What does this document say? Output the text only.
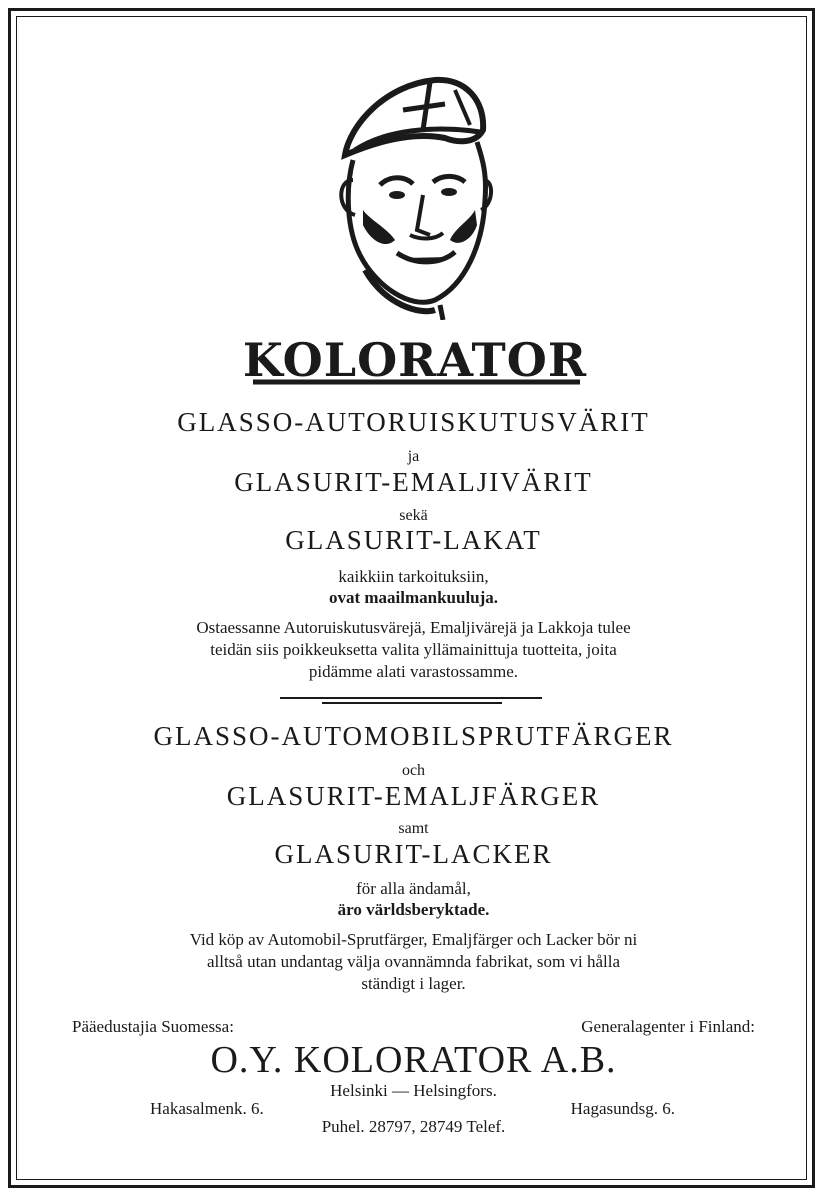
KOLORATOR
GLASSO-AUTORUISKUTUSVÄRIT
ja
GLASURIT-EMALJIVÄRIT
sekä
GLASURIT-LAKAT
kaikkiin tarkoituksiin,
ovat maailmankuuluja.
Ostaessanne Autoruiskutusvärejä, Emaljivärejä ja Lakkoja tulee
teidän siis poikkeuksetta valita yllämainittuja tuotteita, joita
pidämme alati varastossamme.
GLASSO-AUTOMOBILSPRUTFÄRGER
och
GLASURIT-EMALJFÄRGER
samt
GLASURIT-LACKER
för alla ändamål,
äro världsberyktade.
Vid köp av Automobil-Sprutfärger, Emaljfärger och Lacker bör ni
alltså utan undantag välja ovannämnda fabrikat, som vi hålla
ständigt i lager.
Pääedustajia Suomessa:	Generalagenter i Finland:
O.Y. KOLORATOR A.B.
Helsinki — Helsingfors.
Hakasalmenk. 6.	Hagasundsg. 6.
Puhel. 28797, 28749 Telef.
